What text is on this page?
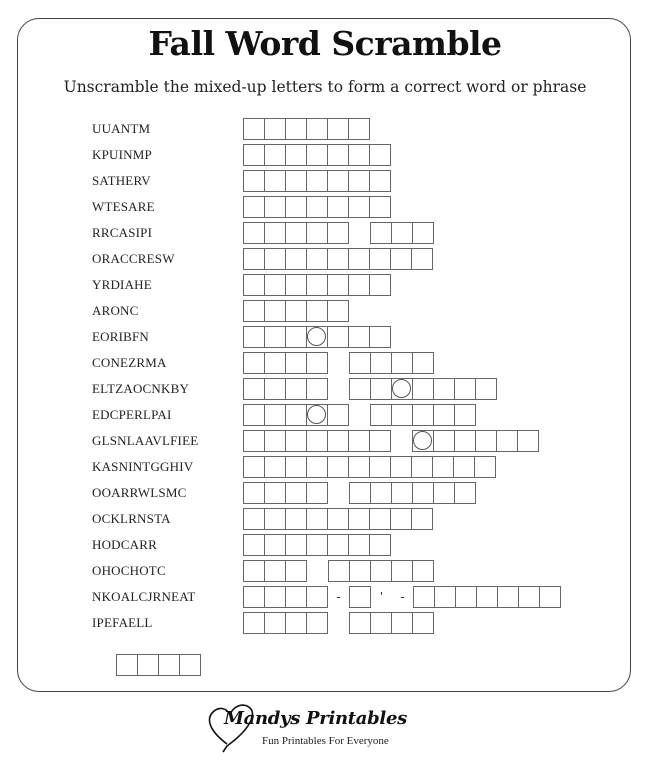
Fall Word Scramble
Unscramble the mixed-up letters to form a correct word or phrase
UUANTM
KPUINMP
SATHERV
WTESARE
RRCASIPI
ORACCRESW
YRDIAHE
ARONC
EORIBFN
CONEZRMA
ELTZAOCNKBY
EDCPERLPAI
GLSNLAAVLFIEE
KASNINTGGHIV
OOARRWLSMC
OCKLRNSTA
HODCARR
OHOCHOTC
NKOALCJRNEAT	-	'	-
IPEFAELL
Mandys Printables
Fun Printables For Everyone
